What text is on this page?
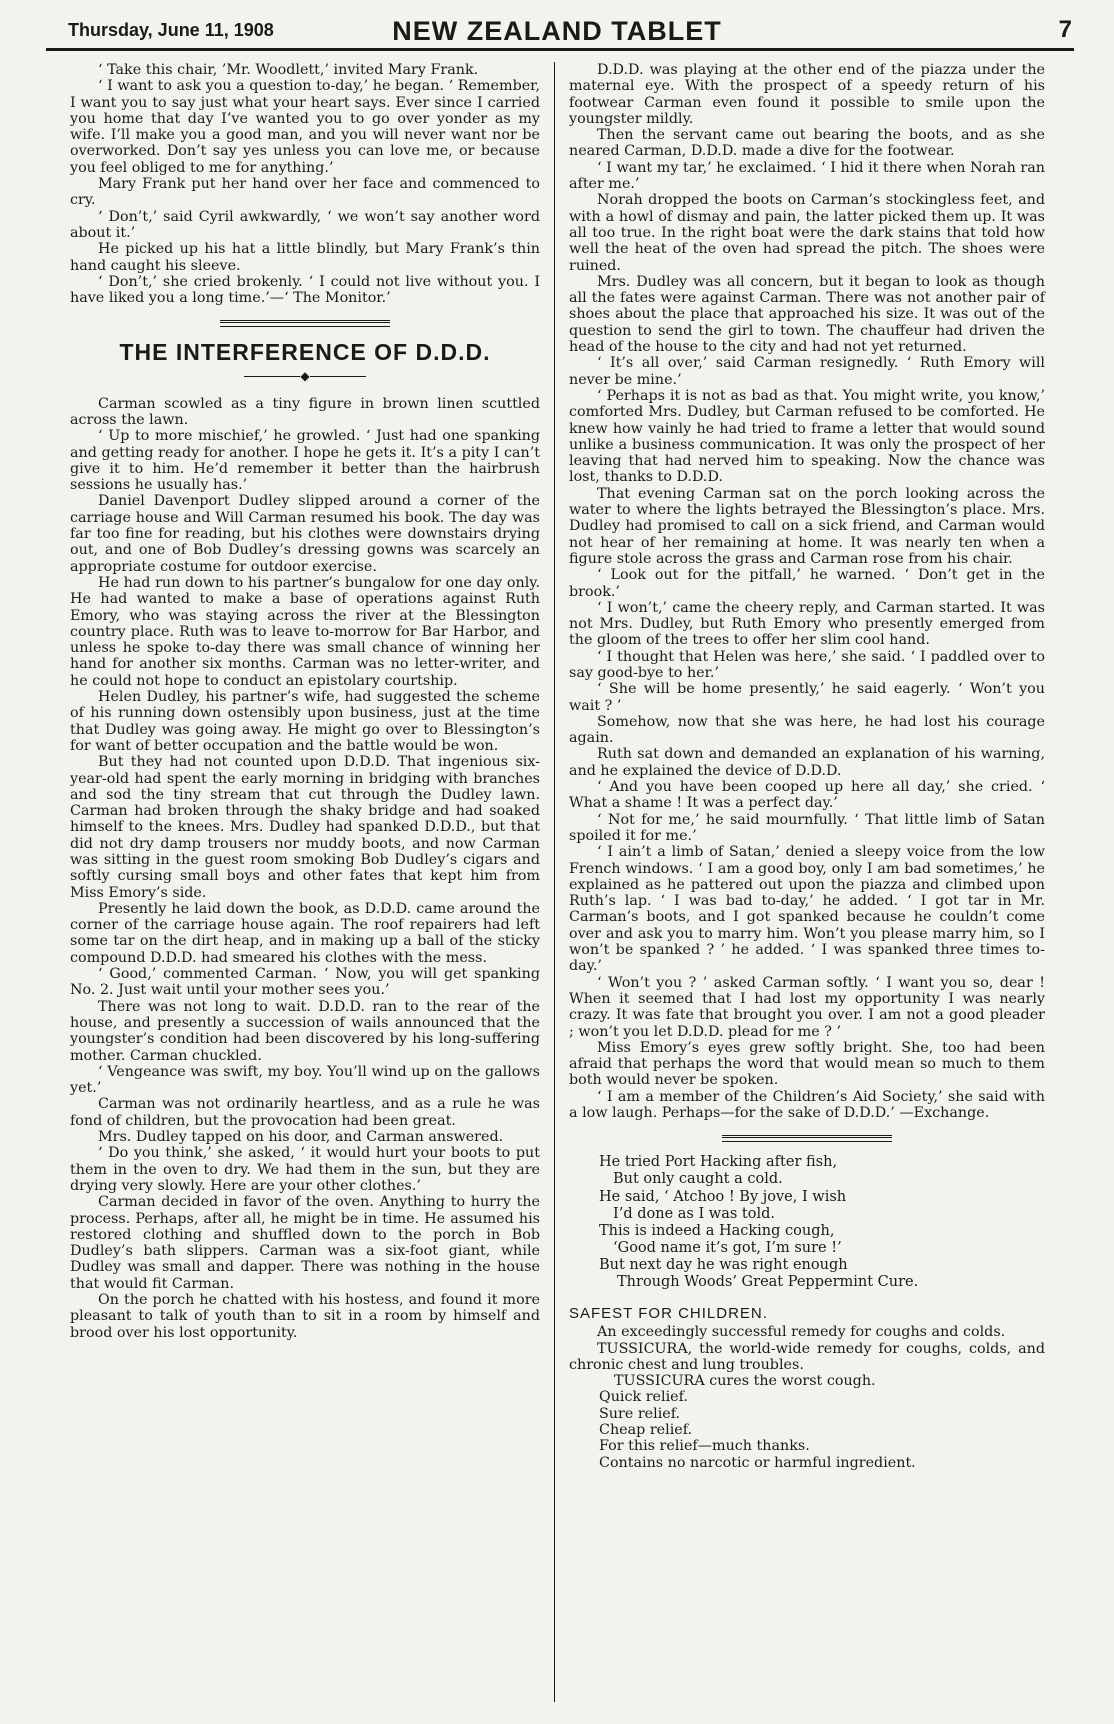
Thursday, June 11, 1908	NEW ZEALAND TABLET	7

‘ Take this chair, ’Mr. Woodlett,’ invited Mary Frank.

‘ I want to ask you a question to-day,’ he began. ‘ Remember, I want you to say just what your heart says. Ever since I carried you home that day I’ve wanted you to go over yonder as my wife. I’ll make you a good man, and you will never want nor be overworked. Don’t say yes unless you can love me, or because you feel obliged to me for anything.’

Mary Frank put her hand over her face and commenced to cry.

‘ Don’t,’ said Cyril awkwardly, ‘ we won’t say another word about it.’

He picked up his hat a little blindly, but Mary Frank’s thin hand caught his sleeve.

‘ Don’t,’ she cried brokenly. ‘ I could not live without you. I have liked you a long time.’—‘ The Monitor.’

THE INTERFERENCE OF D.D.D.
◆

Carman scowled as a tiny figure in brown linen scuttled across the lawn.

‘ Up to more mischief,’ he growled. ‘ Just had one spanking and getting ready for another. I hope he gets it. It’s a pity I can’t give it to him. He’d remember it better than the hairbrush sessions he usually has.’

Daniel Davenport Dudley slipped around a corner of the carriage house and Will Carman resumed his book. The day was far too fine for reading, but his clothes were downstairs drying out, and one of Bob Dudley’s dressing gowns was scarcely an appropriate costume for outdoor exercise.

He had run down to his partner’s bungalow for one day only. He had wanted to make a base of operations against Ruth Emory, who was staying across the river at the Blessington country place. Ruth was to leave to-morrow for Bar Harbor, and unless he spoke to-day there was small chance of winning her hand for another six months. Carman was no letter-writer, and he could not hope to conduct an epistolary courtship.

Helen Dudley, his partner’s wife, had suggested the scheme of his running down ostensibly upon business, just at the time that Dudley was going away. He might go over to Blessington’s for want of better occupation and the battle would be won.

But they had not counted upon D.D.D. That ingenious six-year-old had spent the early morning in bridging with branches and sod the tiny stream that cut through the Dudley lawn. Carman had broken through the shaky bridge and had soaked himself to the knees. Mrs. Dudley had spanked D.D.D., but that did not dry damp trousers nor muddy boots, and now Carman was sitting in the guest room smoking Bob Dudley’s cigars and softly cursing small boys and other fates that kept him from Miss Emory’s side.

Presently he laid down the book, as D.D.D. came around the corner of the carriage house again. The roof repairers had left some tar on the dirt heap, and in making up a ball of the sticky compound D.D.D. had smeared his clothes with the mess.

‘ Good,’ commented Carman. ‘ Now, you will get spanking No. 2. Just wait until your mother sees you.’

There was not long to wait. D.D.D. ran to the rear of the house, and presently a succession of wails announced that the youngster’s condition had been discovered by his long-suffering mother. Carman chuckled.

‘ Vengeance was swift, my boy. You’ll wind up on the gallows yet.’

Carman was not ordinarily heartless, and as a rule he was fond of children, but the provocation had been great.

Mrs. Dudley tapped on his door, and Carman answered.

‘ Do you think,’ she asked, ‘ it would hurt your boots to put them in the oven to dry. We had them in the sun, but they are drying very slowly. Here are your other clothes.’

Carman decided in favor of the oven. Anything to hurry the process. Perhaps, after all, he might be in time. He assumed his restored clothing and shuffled down to the porch in Bob Dudley’s bath slippers. Carman was a six-foot giant, while Dudley was small and dapper. There was nothing in the house that would fit Carman.

On the porch he chatted with his hostess, and found it more pleasant to talk of youth than to sit in a room by himself and brood over his lost opportunity.

D.D.D. was playing at the other end of the piazza under the maternal eye. With the prospect of a speedy return of his footwear Carman even found it possible to smile upon the youngster mildly.

Then the servant came out bearing the boots, and as she neared Carman, D.D.D. made a dive for the footwear.

‘ I want my tar,’ he exclaimed. ‘ I hid it there when Norah ran after me.’

Norah dropped the boots on Carman’s stockingless feet, and with a howl of dismay and pain, the latter picked them up. It was all too true. In the right boat were the dark stains that told how well the heat of the oven had spread the pitch. The shoes were ruined.

Mrs. Dudley was all concern, but it began to look as though all the fates were against Carman. There was not another pair of shoes about the place that approached his size. It was out of the question to send the girl to town. The chauffeur had driven the head of the house to the city and had not yet returned.

‘ It’s all over,’ said Carman resignedly. ‘ Ruth Emory will never be mine.’

‘ Perhaps it is not as bad as that. You might write, you know,’ comforted Mrs. Dudley, but Carman refused to be comforted. He knew how vainly he had tried to frame a letter that would sound unlike a business communication. It was only the prospect of her leaving that had nerved him to speaking. Now the chance was lost, thanks to D.D.D.

That evening Carman sat on the porch looking across the water to where the lights betrayed the Blessington’s place. Mrs. Dudley had promised to call on a sick friend, and Carman would not hear of her remaining at home. It was nearly ten when a figure stole across the grass and Carman rose from his chair.

‘ Look out for the pitfall,’ he warned. ‘ Don’t get in the brook.’

‘ I won’t,’ came the cheery reply, and Carman started. It was not Mrs. Dudley, but Ruth Emory who presently emerged from the gloom of the trees to offer her slim cool hand.

‘ I thought that Helen was here,’ she said. ‘ I paddled over to say good-bye to her.’

‘ She will be home presently,’ he said eagerly. ‘ Won’t you wait ? ’

Somehow, now that she was here, he had lost his courage again.

Ruth sat down and demanded an explanation of his warning, and he explained the device of D.D.D.

‘ And you have been cooped up here all day,’ she cried. ‘ What a shame ! It was a perfect day.’

‘ Not for me,’ he said mournfully. ‘ That little limb of Satan spoiled it for me.’

‘ I ain’t a limb of Satan,’ denied a sleepy voice from the low French windows. ‘ I am a good boy, only I am bad sometimes,’ he explained as he pattered out upon the piazza and climbed upon Ruth’s lap. ‘ I was bad to-day,’ he added. ‘ I got tar in Mr. Carman’s boots, and I got spanked because he couldn’t come over and ask you to marry him. Won’t you please marry him, so I won’t be spanked ? ’ he added. ‘ I was spanked three times to-day.’

‘ Won’t you ? ’ asked Carman softly. ‘ I want you so, dear ! When it seemed that I had lost my opportunity I was nearly crazy. It was fate that brought you over. I am not a good pleader ; won’t you let D.D.D. plead for me ? ’

Miss Emory’s eyes grew softly bright. She, too had been afraid that perhaps the word that would mean so much to them both would never be spoken.

‘ I am a member of the Children’s Aid Society,’ she said with a low laugh. Perhaps—for the sake of D.D.D.’ —Exchange.

He tried Port Hacking after fish,
But only caught a cold.
He said, ‘ Atchoo ! By jove, I wish
I’d done as I was told.
This is indeed a Hacking cough,
‘Good name it’s got, I’m sure !’
But next day he was right enough
Through Woods’ Great Peppermint Cure.
SAFEST FOR CHILDREN.

An exceedingly successful remedy for coughs and colds.

TUSSICURA, the world-wide remedy for coughs, colds, and chronic chest and lung troubles.

TUSSICURA cures the worst cough.
Quick relief.
Sure relief.
Cheap relief.
For this relief—much thanks.
Contains no narcotic or harmful ingredient.
